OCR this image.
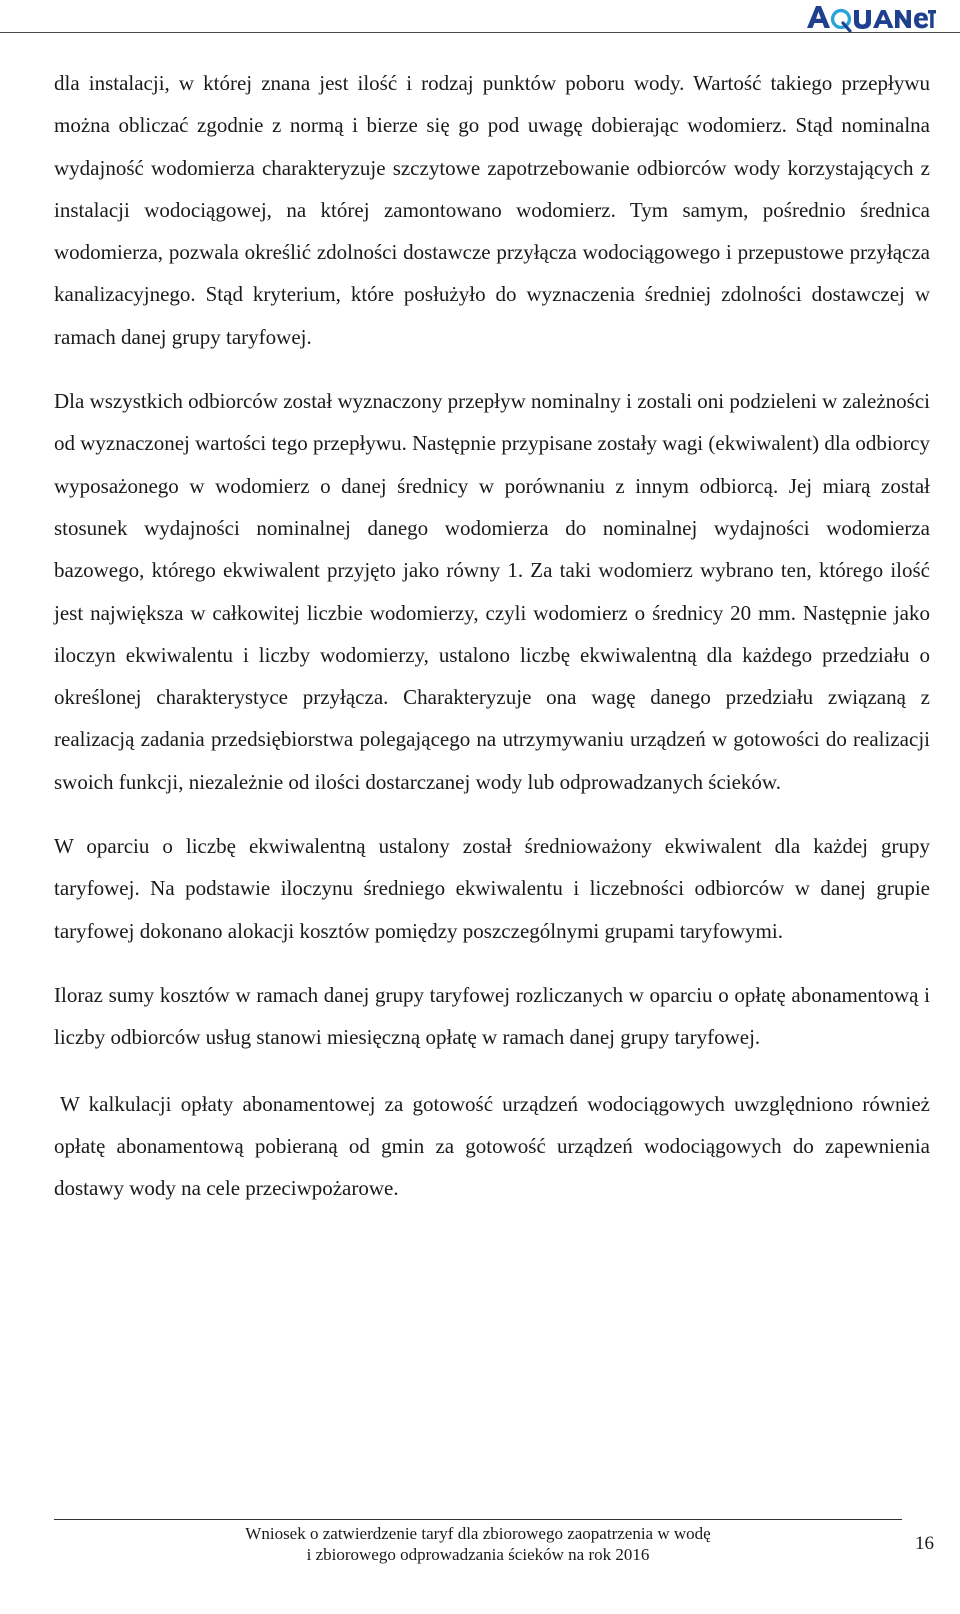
dla instalacji, w której znana jest ilość i rodzaj punktów poboru wody. Wartość takiego przepływu można obliczać zgodnie z normą i bierze się go pod uwagę dobierając wodomierz. Stąd nominalna wydajność wodomierza charakteryzuje szczytowe zapotrzebowanie odbiorców wody korzystających z instalacji wodociągowej, na której zamontowano wodomierz. Tym samym, pośrednio średnica wodomierza, pozwala określić zdolności dostawcze przyłącza wodociągowego i przepustowe przyłącza kanalizacyjnego. Stąd kryterium, które posłużyło do wyznaczenia średniej zdolności dostawczej w ramach danej grupy taryfowej.

Dla wszystkich odbiorców został wyznaczony przepływ nominalny i zostali oni podzieleni w zależności od wyznaczonej wartości tego przepływu. Następnie przypisane zostały wagi (ekwiwalent) dla odbiorcy wyposażonego w wodomierz o danej średnicy w porównaniu z innym odbiorcą. Jej miarą został stosunek wydajności nominalnej danego wodomierza do nominalnej wydajności wodomierza bazowego, którego ekwiwalent przyjęto jako równy 1. Za taki wodomierz wybrano ten, którego ilość jest największa w całkowitej liczbie wodomierzy, czyli wodomierz o średnicy 20 mm. Następnie jako iloczyn ekwiwalentu i liczby wodomierzy, ustalono liczbę ekwiwalentną dla każdego przedziału o określonej charakterystyce przyłącza. Charakteryzuje ona wagę danego przedziału związaną z realizacją zadania przedsiębiorstwa polegającego na utrzymywaniu urządzeń w gotowości do realizacji swoich funkcji, niezależnie od ilości dostarczanej wody lub odprowadzanych ścieków.

W oparciu o liczbę ekwiwalentną ustalony został średnioważony ekwiwalent dla każdej grupy taryfowej. Na podstawie iloczynu średniego ekwiwalentu i liczebności odbiorców w danej grupie taryfowej dokonano alokacji kosztów pomiędzy poszczególnymi grupami taryfowymi.

Iloraz sumy kosztów w ramach danej grupy taryfowej rozliczanych w oparciu o opłatę abonamentową i liczby odbiorców usług stanowi miesięczną opłatę w ramach danej grupy taryfowej.

W kalkulacji opłaty abonamentowej za gotowość urządzeń wodociągowych uwzględniono również opłatę abonamentową pobieraną od gmin za gotowość urządzeń wodociągowych do zapewnienia dostawy wody na cele przeciwpożarowe.

Wniosek o zatwierdzenie taryf dla zbiorowego zaopatrzenia w wodę
i zbiorowego odprowadzania ścieków na rok 2016
16
